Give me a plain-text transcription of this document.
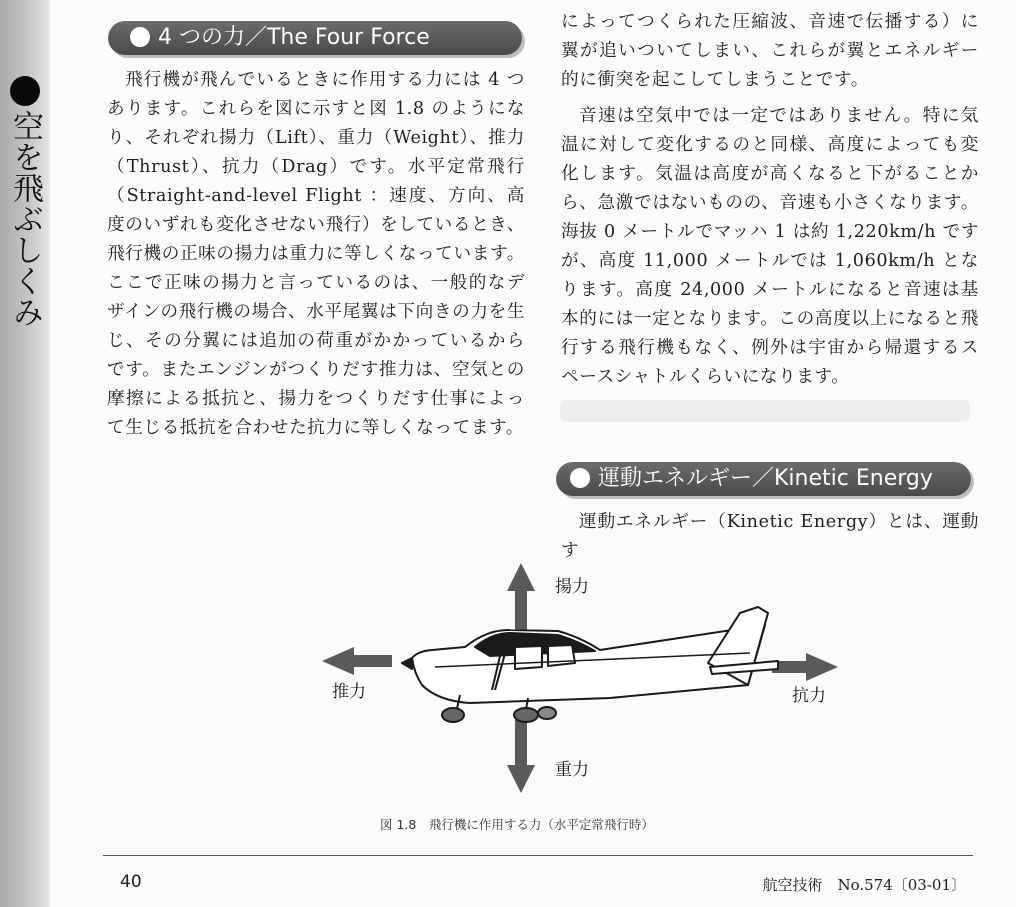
空を飛ぶしくみ
4 つの力／The Four Force

飛行機が飛んでいるときに作用する力には 4 つあります。これらを図に示すと図 1.8 のようになり、それぞれ揚力（Lift）、重力（Weight）、推力（Thrust）、抗力（Drag）です。水平定常飛行（Straight-and-level Flight ：速度、方向、高度のいずれも変化させない飛行）をしているとき、飛行機の正味の揚力は重力に等しくなっています。ここで正味の揚力と言っているのは、一般的なデザインの飛行機の場合、水平尾翼は下向きの力を生じ、その分翼には追加の荷重がかかっているからです。またエンジンがつくりだす推力は、空気との摩擦による抵抗と、揚力をつくりだす仕事によって生じる抵抗を合わせた抗力に等しくなってます。

によってつくられた圧縮波、音速で伝播する）に翼が追いついてしまい、これらが翼とエネルギー的に衝突を起こしてしまうことです。

音速は空気中では一定ではありません。特に気温に対して変化するのと同様、高度によっても変化します。気温は高度が高くなると下がることから、急激ではないものの、音速も小さくなります。海抜 0 メートルでマッハ 1 は約 1,220km/h ですが、高度 11,000 メートルでは 1,060km/h となります。高度 24,000 メートルになると音速は基本的には一定となります。この高度以上になると飛行する飛行機もなく、例外は宇宙から帰還するスペースシャトルくらいになります。

運動エネルギー／Kinetic Energy

運動エネルギー（Kinetic Energy）とは、運動す

揚力
重力
推力	抗力
図 1.8　飛行機に作用する力（水平定常飛行時）
40	航空技術　No.574〔03-01〕
